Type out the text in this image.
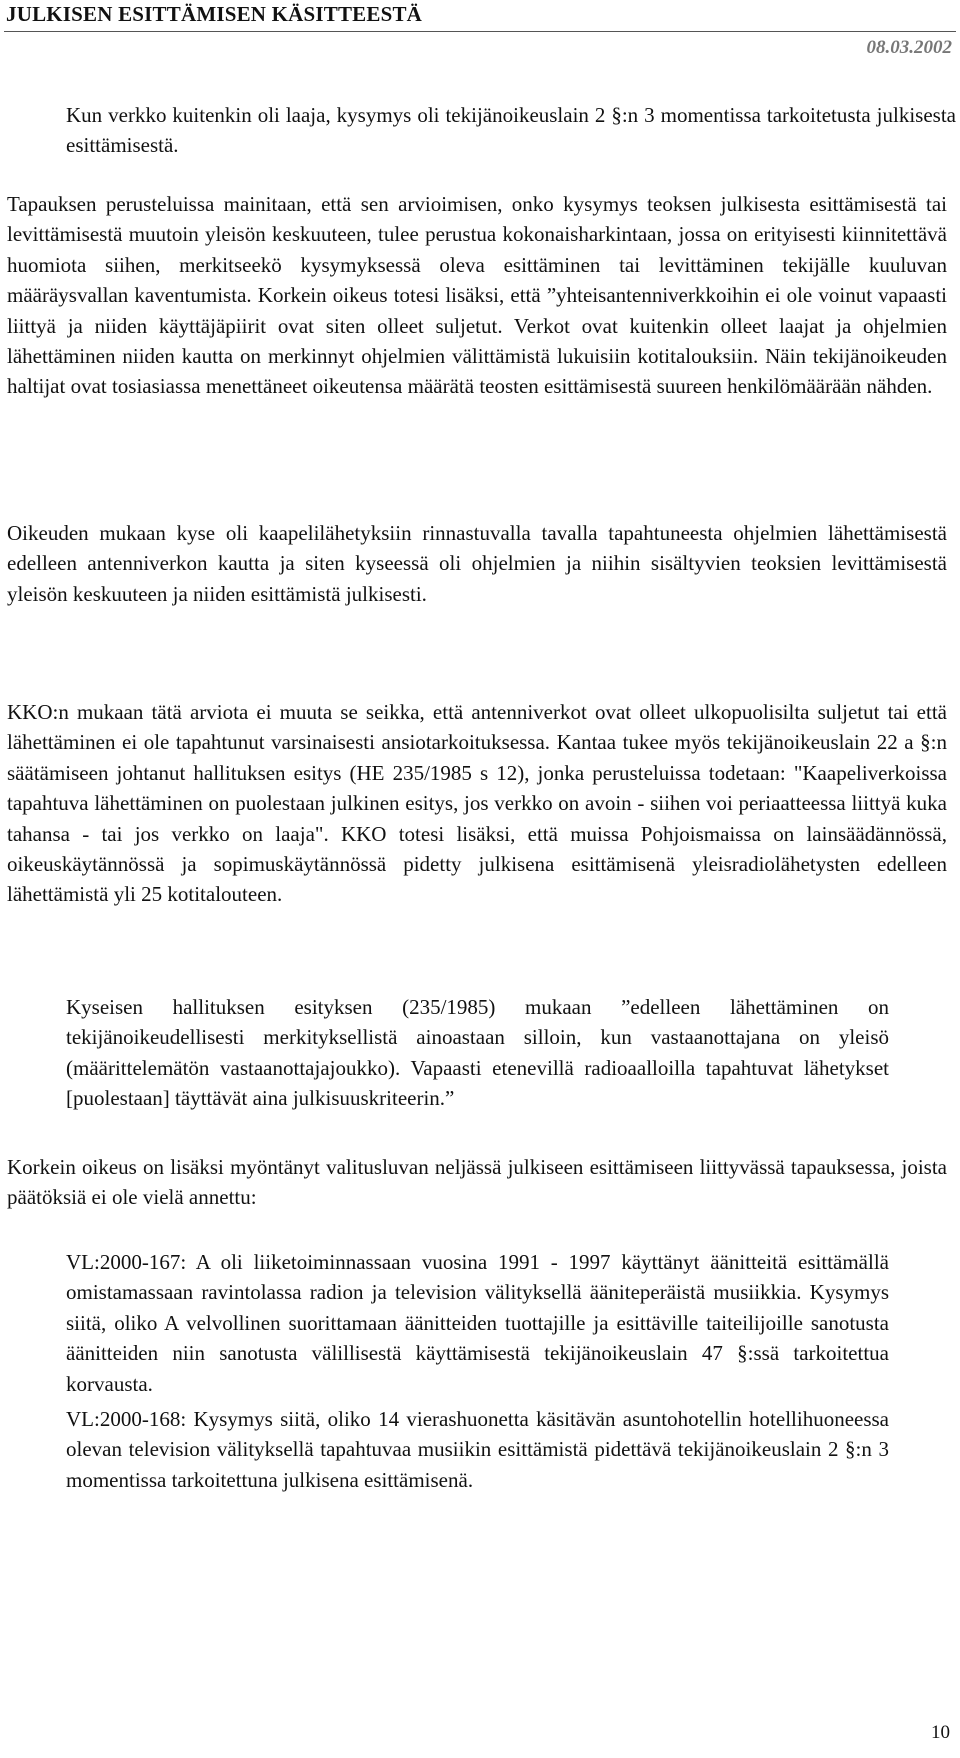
JULKISEN ESITTÄMISEN KÄSITTEESTÄ
08.03.2002

Kun verkko kuitenkin oli laaja, kysymys oli tekijänoikeuslain 2 §:n 3 momentissa tarkoitetusta julkisesta esittämisestä.

Tapauksen perusteluissa mainitaan, että sen arvioimisen, onko kysymys teoksen julkisesta esittämisestä tai levittämisestä muutoin yleisön keskuuteen, tulee perustua kokonaisharkintaan, jossa on erityisesti kiinnitettävä huomiota siihen, merkitseekö kysymyksessä oleva esittäminen tai levittäminen tekijälle kuuluvan määräysvallan kaventumista. Korkein oikeus totesi lisäksi, että ”yhteisantenniverkkoihin ei ole voinut vapaasti liittyä ja niiden käyttäjäpiirit ovat siten olleet suljetut. Verkot ovat kuitenkin olleet laajat ja ohjelmien lähettäminen niiden kautta on merkinnyt ohjelmien välittämistä lukuisiin kotitalouksiin. Näin tekijänoikeuden haltijat ovat tosiasiassa menettäneet oikeutensa määrätä teosten esittämisestä suureen henkilömäärään nähden.

Oikeuden mukaan kyse oli kaapelilähetyksiin rinnastuvalla tavalla tapahtuneesta ohjelmien lähettämisestä edelleen antenniverkon kautta ja siten kyseessä oli ohjelmien ja niihin sisältyvien teoksien levittämisestä yleisön keskuuteen ja niiden esittämistä julkisesti.

KKO:n mukaan tätä arviota ei muuta se seikka, että antenniverkot ovat olleet ulkopuolisilta suljetut tai että lähettäminen ei ole tapahtunut varsinaisesti ansiotarkoituksessa. Kantaa tukee myös tekijänoikeuslain 22 a §:n säätämiseen johtanut hallituksen esitys (HE 235/1985 s 12), jonka perusteluissa todetaan: "Kaapeliverkoissa tapahtuva lähettäminen on puolestaan julkinen esitys, jos verkko on avoin - siihen voi periaatteessa liittyä kuka tahansa - tai jos verkko on laaja". KKO totesi lisäksi, että muissa Pohjoismaissa on lainsäädännössä, oikeuskäytännössä ja sopimuskäytännössä pidetty julkisena esittämisenä yleisradiolähetysten edelleen lähettämistä yli 25 kotitalouteen.

Kyseisen hallituksen esityksen (235/1985) mukaan ”edelleen lähettäminen on tekijänoikeudellisesti merkityksellistä ainoastaan silloin, kun vastaanottajana on yleisö (määrittelemätön vastaanottajajoukko). Vapaasti etenevillä radioaalloilla tapahtuvat lähetykset [puolestaan] täyttävät aina julkisuuskriteerin.”

Korkein oikeus on lisäksi myöntänyt valitusluvan neljässä julkiseen esittämiseen liittyvässä tapauksessa, joista päätöksiä ei ole vielä annettu:

VL:2000-167: A oli liiketoiminnassaan vuosina 1991 - 1997 käyttänyt äänitteitä esittämällä omistamassaan ravintolassa radion ja television välityksellä ääniteperäistä musiikkia. Kysymys siitä, oliko A velvollinen suorittamaan äänitteiden tuottajille ja esittäville taiteilijoille sanotusta äänitteiden niin sanotusta välillisestä käyttämisestä tekijänoikeuslain 47 §:ssä tarkoitettua korvausta.

VL:2000-168: Kysymys siitä, oliko 14 vierashuonetta käsitävän asuntohotellin hotellihuoneessa olevan television välityksellä tapahtuvaa musiikin esittämistä pidettävä tekijänoikeuslain 2 §:n 3 momentissa tarkoitettuna julkisena esittämisenä.

10
